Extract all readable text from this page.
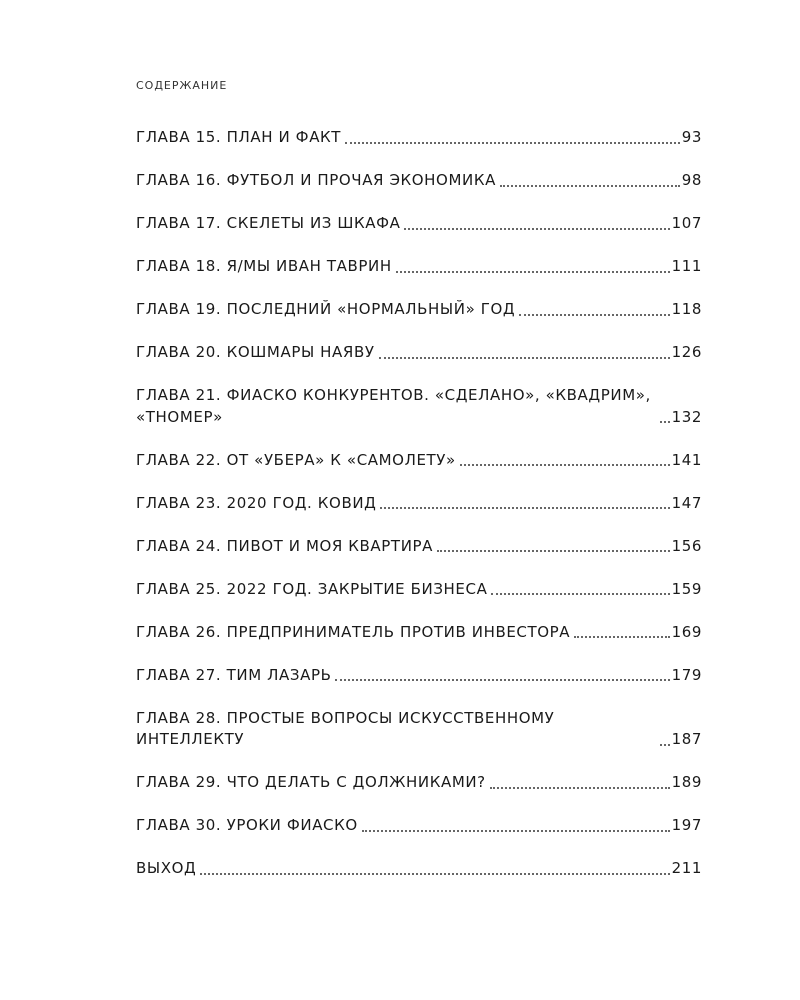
СОДЕРЖАНИЕ
ГЛАВА 15. ПЛАН И ФАКТ	93
ГЛАВА 16. ФУТБОЛ И ПРОЧАЯ ЭКОНОМИКА	98
ГЛАВА 17. СКЕЛЕТЫ ИЗ ШКАФА	107
ГЛАВА 18. Я/МЫ ИВАН ТАВРИН	111
ГЛАВА 19. ПОСЛЕДНИЙ «НОРМАЛЬНЫЙ» ГОД	118
ГЛАВА 20. КОШМАРЫ НАЯВУ	126
ГЛАВА 21. ФИАСКО КОНКУРЕНТОВ. «СДЕЛАНО», «КВАДРИМ», «ТНОМЕР»	132
ГЛАВА 22. ОТ «УБЕРА» К «САМОЛЕТУ»	141
ГЛАВА 23. 2020 ГОД. КОВИД	147
ГЛАВА 24. ПИВОТ И МОЯ КВАРТИРА	156
ГЛАВА 25. 2022 ГОД. ЗАКРЫТИЕ БИЗНЕСА	159
ГЛАВА 26. ПРЕДПРИНИМАТЕЛЬ ПРОТИВ ИНВЕСТОРА	169
ГЛАВА 27. ТИМ ЛАЗАРЬ	179
ГЛАВА 28. ПРОСТЫЕ ВОПРОСЫ ИСКУССТВЕННОМУ ИНТЕЛЛЕКТУ	187
ГЛАВА 29. ЧТО ДЕЛАТЬ С ДОЛЖНИКАМИ?	189
ГЛАВА 30. УРОКИ ФИАСКО	197
ВЫХОД	211
